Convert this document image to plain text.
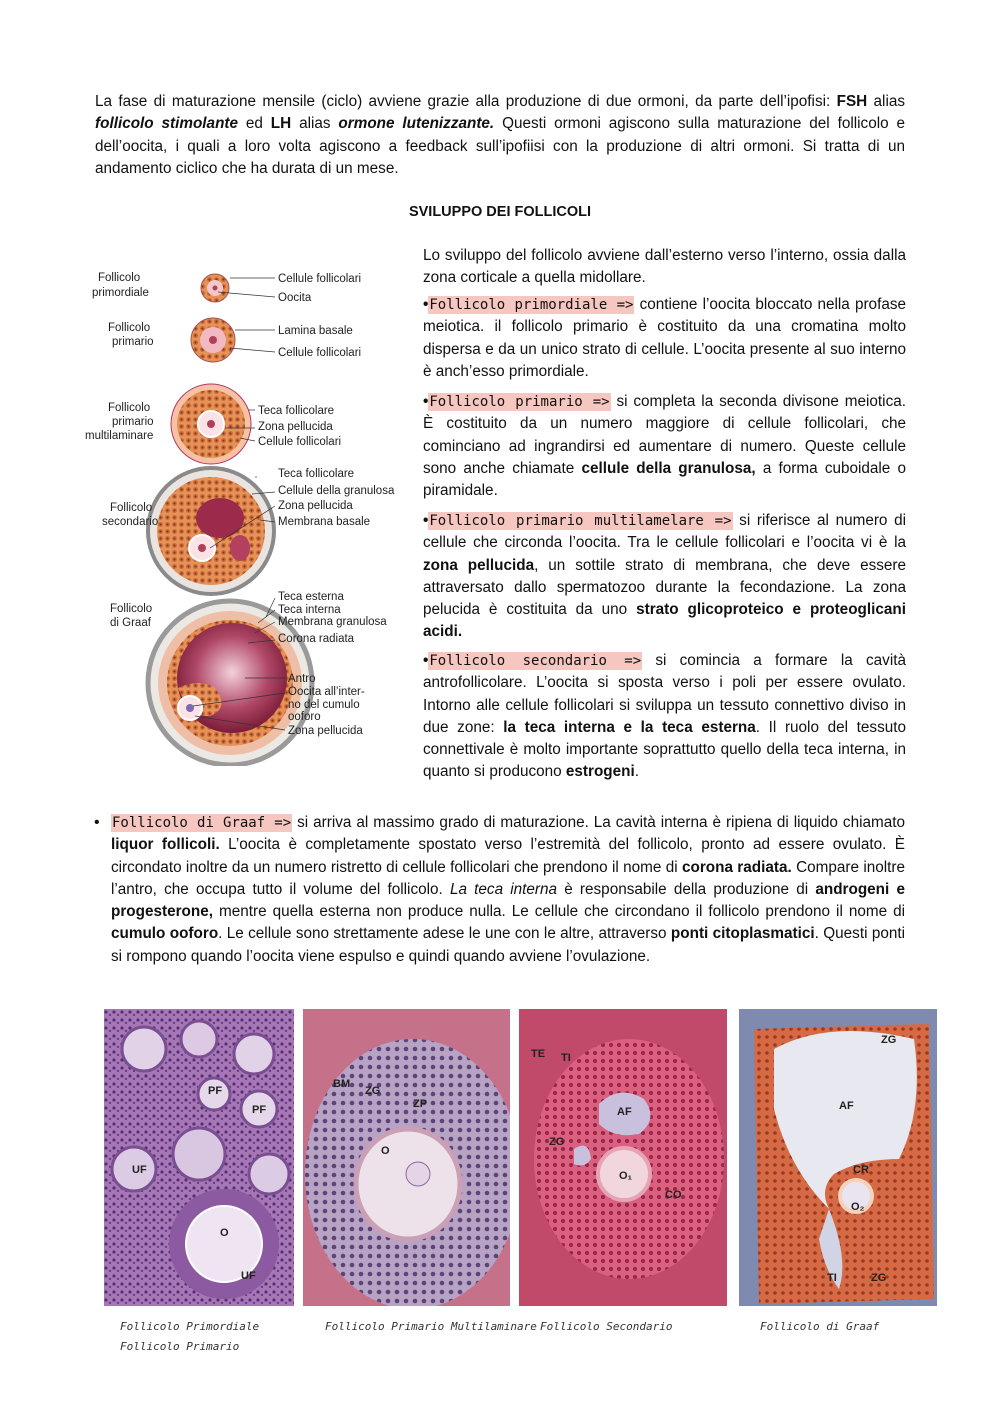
La fase di maturazione mensile (ciclo) avviene grazie alla produzione di due ormoni, da parte dell’ipofisi: FSH alias follicolo stimolante ed LH alias ormone lutenizzante. Questi ormoni agiscono sulla maturazione del follicolo e dell’oocita, i quali a loro volta agiscono a feedback sull’ipofiisi con la produzione di altri ormoni. Si tratta di un andamento ciclico che ha durata di un mese.

SVILUPPO DEI FOLLICOLI
Follicolo
primordiale
Cellule follicolari
Oocita
Follicolo
primario
Lamina basale
Cellule follicolari
Follicolo
primario
multilaminare
Teca follicolare
Zona pellucida
Cellule follicolari
Follicolo
secondario
Teca follicolare
Cellule della granulosa
Zona pellucida
Membrana basale
Follicolo
di Graaf
Teca esterna
Teca interna
Membrana granulosa
Corona radiata
Antro
Oocita all’inter-
no del cumulo
ooforo
Zona pellucida

Lo sviluppo del follicolo avviene dall’esterno verso l’interno, ossia dalla zona corticale a quella midollare.

•Follicolo primordiale => contiene l’oocita bloccato nella profase meiotica. il follicolo primario è costituito da una cromatina molto dispersa e da un unico strato di cellule. L’oocita presente al suo interno è anch’esso primordiale.

•Follicolo primario => si completa la seconda divisone meiotica. È costituito da un numero maggiore di cellule follicolari, che cominciano ad ingrandirsi ed aumentare di numero. Queste cellule sono anche chiamate cellule della granulosa, a forma cuboidale o piramidale.

•Follicolo primario multilamelare => si riferisce al numero di cellule che circonda l’oocita. Tra le cellule follicolari e l’oocita vi è la zona pellucida, un sottile strato di membrana, che deve essere attraversato dallo spermatozoo durante la fecondazione. La zona pelucida è costituita da uno strato glicoproteico e proteoglicani acidi.

•Follicolo secondario => si comincia a formare la cavità antrofollicolare. L’oocita si sposta verso i poli per essere ovulato. Intorno alle cellule follicolari si sviluppa un tessuto connettivo diviso in due zone: la teca interna e la teca esterna. Il ruolo del tessuto connettivale è molto importante soprattutto quello della teca interna, in quanto si producono estrogeni.

• Follicolo di Graaf => si arriva al massimo grado di maturazione. La cavità interna è ripiena di liquido chiamato liquor follicoli. L’oocita è completamente spostato verso l’estremità del follicolo, pronto ad essere ovulato. È circondato inoltre da un numero ristretto di cellule follicolari che prendono il nome di corona radiata. Compare inoltre l’antro, che occupa tutto il volume del follicolo. La teca interna è responsabile della produzione di androgeni e progesterone, mentre quella esterna non produce nulla. Le cellule che circondano il follicolo prendono il nome di cumulo ooforo. Le cellule sono strettamente adese le une con le altre, attraverso ponti citoplasmatici. Questi ponti si rompono quando l’oocita viene espulso e quindi quando avviene l’ovulazione.

PF
PF
UF
O
UF
BM
ZG
ZP
O
TE TI
AF
ZG
O₁
CO
ZG
AF
CR
O₂
TI	ZG
Follicolo Primordiale
Follicolo Primario
Follicolo Primario Multilaminare Follicolo Secondario	Follicolo di Graaf
